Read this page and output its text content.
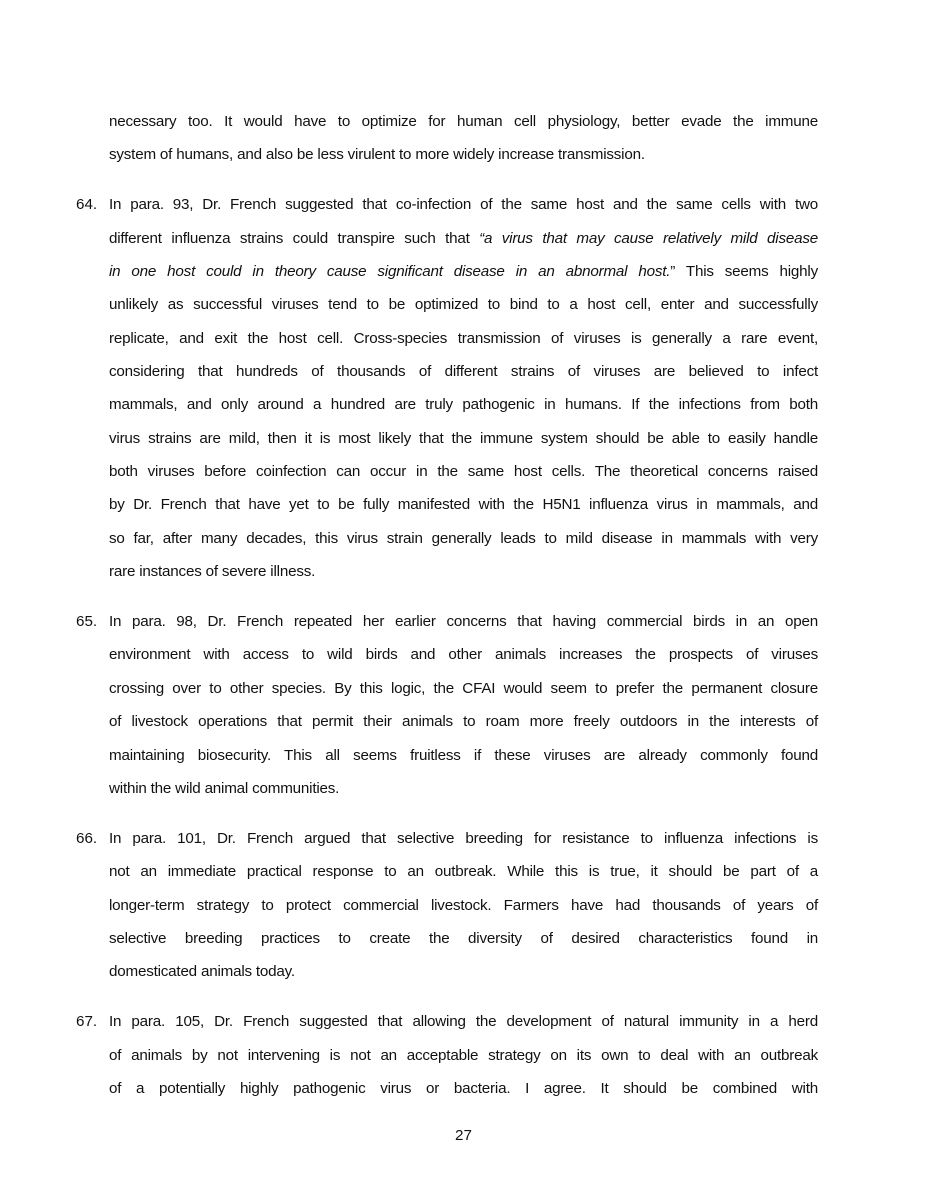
necessary too. It would have to optimize for human cell physiology, better evade the immune
system of humans, and also be less virulent to more widely increase transmission.
64. In para. 93, Dr. French suggested that co-infection of the same host and the same cells with two
different influenza strains could transpire such that “a virus that may cause relatively mild disease
in one host could in theory cause significant disease in an abnormal host.” This seems highly
unlikely as successful viruses tend to be optimized to bind to a host cell, enter and successfully
replicate, and exit the host cell. Cross-species transmission of viruses is generally a rare event,
considering that hundreds of thousands of different strains of viruses are believed to infect
mammals, and only around a hundred are truly pathogenic in humans. If the infections from both
virus strains are mild, then it is most likely that the immune system should be able to easily handle
both viruses before coinfection can occur in the same host cells. The theoretical concerns raised
by Dr. French that have yet to be fully manifested with the H5N1 influenza virus in mammals, and
so far, after many decades, this virus strain generally leads to mild disease in mammals with very
rare instances of severe illness.
65. In para. 98, Dr. French repeated her earlier concerns that having commercial birds in an open
environment with access to wild birds and other animals increases the prospects of viruses
crossing over to other species. By this logic, the CFAI would seem to prefer the permanent closure
of livestock operations that permit their animals to roam more freely outdoors in the interests of
maintaining biosecurity. This all seems fruitless if these viruses are already commonly found
within the wild animal communities.
66. In para. 101, Dr. French argued that selective breeding for resistance to influenza infections is
not an immediate practical response to an outbreak. While this is true, it should be part of a
longer-term strategy to protect commercial livestock. Farmers have had thousands of years of
selective breeding practices to create the diversity of desired characteristics found in
domesticated animals today.
67. In para. 105, Dr. French suggested that allowing the development of natural immunity in a herd
of animals by not intervening is not an acceptable strategy on its own to deal with an outbreak
of a potentially highly pathogenic virus or bacteria. I agree. It should be combined with
27
